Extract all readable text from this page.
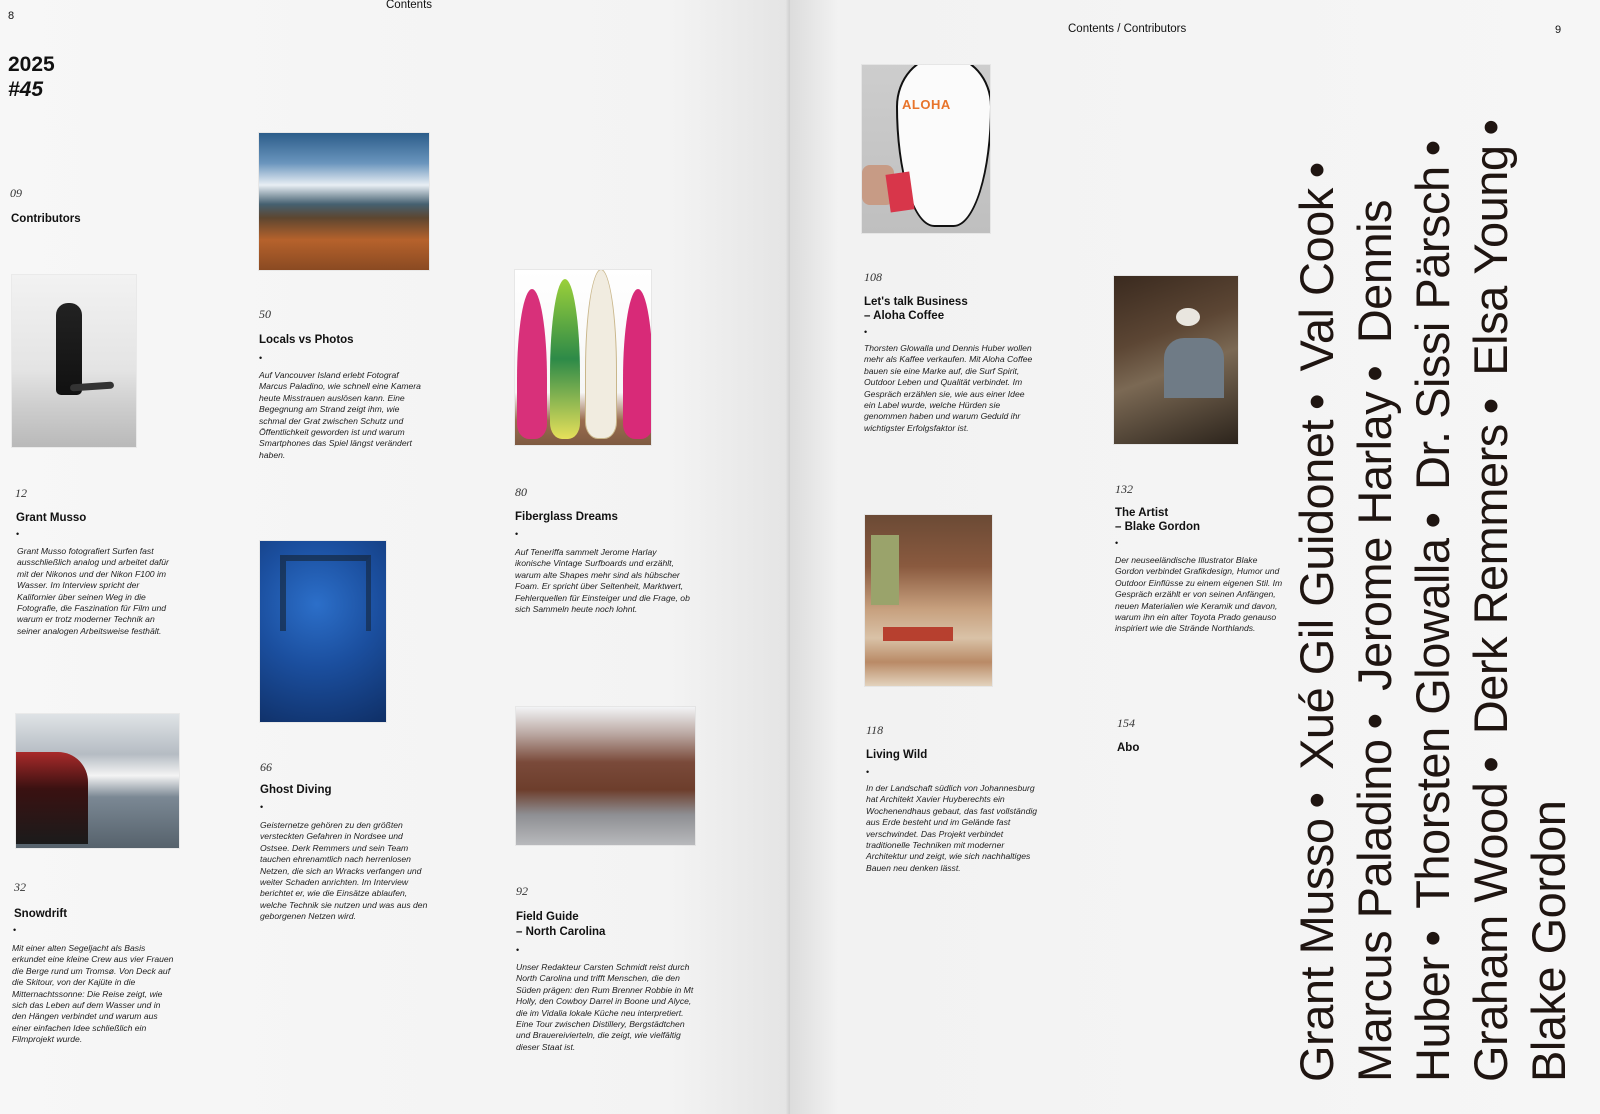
8
Contents
2025
#45
09
Contributors
12
Grant Musso
•
Grant Musso fotografiert Surfen fast ausschließlich analog und arbeitet dafür mit der Nikonos und der Nikon F100 im Wasser. Im Interview spricht der Kalifornier über seinen Weg in die Fotografie, die Faszination für Film und warum er trotz moderner Technik an seiner analogen Arbeitsweise festhält.
32
Snowdrift
•
Mit einer alten Segeljacht als Basis erkundet eine kleine Crew aus vier Frauen die Berge rund um Tromsø. Von Deck auf die Skitour, von der Kajüte in die Mitternachtssonne: Die Reise zeigt, wie sich das Leben auf dem Wasser und in den Hängen verbindet und warum aus einer einfachen Idee schließlich ein Filmprojekt wurde.
50
Locals vs Photos
•
Auf Vancouver Island erlebt Fotograf Marcus Paladino, wie schnell eine Kamera heute Misstrauen auslösen kann. Eine Begegnung am Strand zeigt ihm, wie schmal der Grat zwischen Schutz und Öffentlichkeit geworden ist und warum Smartphones das Spiel längst verändert haben.
66
Ghost Diving
•
Geisternetze gehören zu den größten versteckten Gefahren in Nordsee und Ostsee. Derk Remmers und sein Team tauchen ehrenamtlich nach herrenlosen Netzen, die sich an Wracks verfangen und weiter Schaden anrichten. Im Interview berichtet er, wie die Einsätze ablaufen, welche Technik sie nutzen und was aus den geborgenen Netzen wird.
80
Fiberglass Dreams
•
Auf Teneriffa sammelt Jerome Harlay ikonische Vintage Surfboards und erzählt, warum alte Shapes mehr sind als hübscher Foam. Er spricht über Seltenheit, Marktwert, Fehlerquellen für Einsteiger und die Frage, ob sich Sammeln heute noch lohnt.
92
Field Guide
– North Carolina
•
Unser Redakteur Carsten Schmidt reist durch North Carolina und trifft Menschen, die den Süden prägen: den Rum Brenner Robbie in Mt Holly, den Cowboy Darrel in Boone und Alyce, die im Vidalia lokale Küche neu interpretiert. Eine Tour zwischen Distillery, Bergstädtchen und Brauereivierteln, die zeigt, wie vielfältig dieser Staat ist.
Contents / Contributors	9
ALOHA
108
Let's talk Business
– Aloha Coffee
•
Thorsten Glowalla und Dennis Huber wollen mehr als Kaffee verkaufen. Mit Aloha Coffee bauen sie eine Marke auf, die Surf Spirit, Outdoor Leben und Qualität verbindet. Im Gespräch erzählen sie, wie aus einer Idee ein Label wurde, welche Hürden sie genommen haben und warum Geduld ihr wichtigster Erfolgsfaktor ist.
118
Living Wild
•
In der Landschaft südlich von Johannesburg hat Architekt Xavier Huyberechts ein Wochenendhaus gebaut, das fast vollständig aus Erde besteht und im Gelände fast verschwindet. Das Projekt verbindet traditionelle Techniken mit moderner Architektur und zeigt, wie sich nachhaltiges Bauen neu denken lässt.
132
The Artist
– Blake Gordon
•
Der neuseeländische Illustrator Blake Gordon verbindet Grafikdesign, Humor und Outdoor Einflüsse zu einem eigenen Stil. Im Gespräch erzählt er von seinen Anfängen, neuen Materialien wie Keramik und davon, warum ihn ein alter Toyota Prado genauso inspiriert wie die Strände Northlands.
154
Abo
Grant Musso• Xué Gil Guidonet• Val Cook• Marcus Paladino• Jerome Harlay• Dennis Huber• Thorsten Glowalla• Dr. Sissi Pärsch• Graham Wood• Derk Remmers• Elsa Young• Blake Gordon
